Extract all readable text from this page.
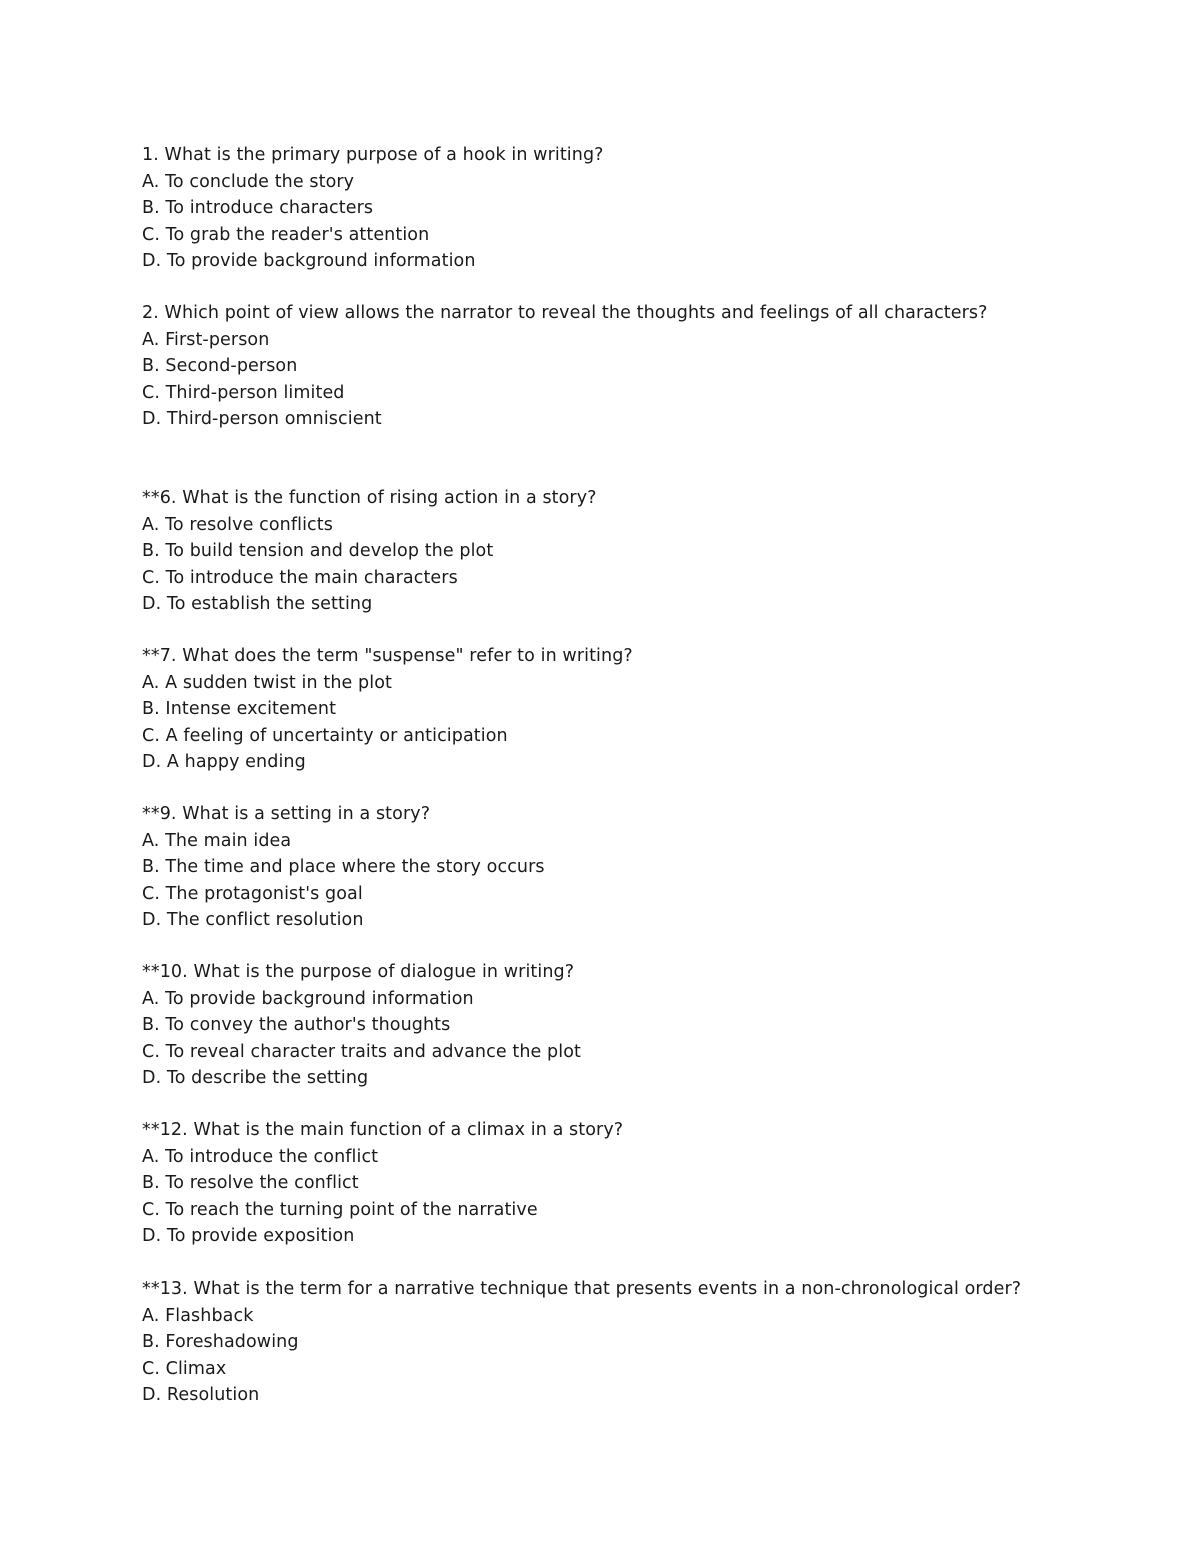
1. What is the primary purpose of a hook in writing?
A. To conclude the story
B. To introduce characters
C. To grab the reader's attention
D. To provide background information
2. Which point of view allows the narrator to reveal the thoughts and feelings of all characters?
A. First-person
B. Second-person
C. Third-person limited
D. Third-person omniscient
**6. What is the function of rising action in a story?
A. To resolve conflicts
B. To build tension and develop the plot
C. To introduce the main characters
D. To establish the setting
**7. What does the term "suspense" refer to in writing?
A. A sudden twist in the plot
B. Intense excitement
C. A feeling of uncertainty or anticipation
D. A happy ending
**9. What is a setting in a story?
A. The main idea
B. The time and place where the story occurs
C. The protagonist's goal
D. The conflict resolution
**10. What is the purpose of dialogue in writing?
A. To provide background information
B. To convey the author's thoughts
C. To reveal character traits and advance the plot
D. To describe the setting
**12. What is the main function of a climax in a story?
A. To introduce the conflict
B. To resolve the conflict
C. To reach the turning point of the narrative
D. To provide exposition
**13. What is the term for a narrative technique that presents events in a non-chronological order?
A. Flashback
B. Foreshadowing
C. Climax
D. Resolution
